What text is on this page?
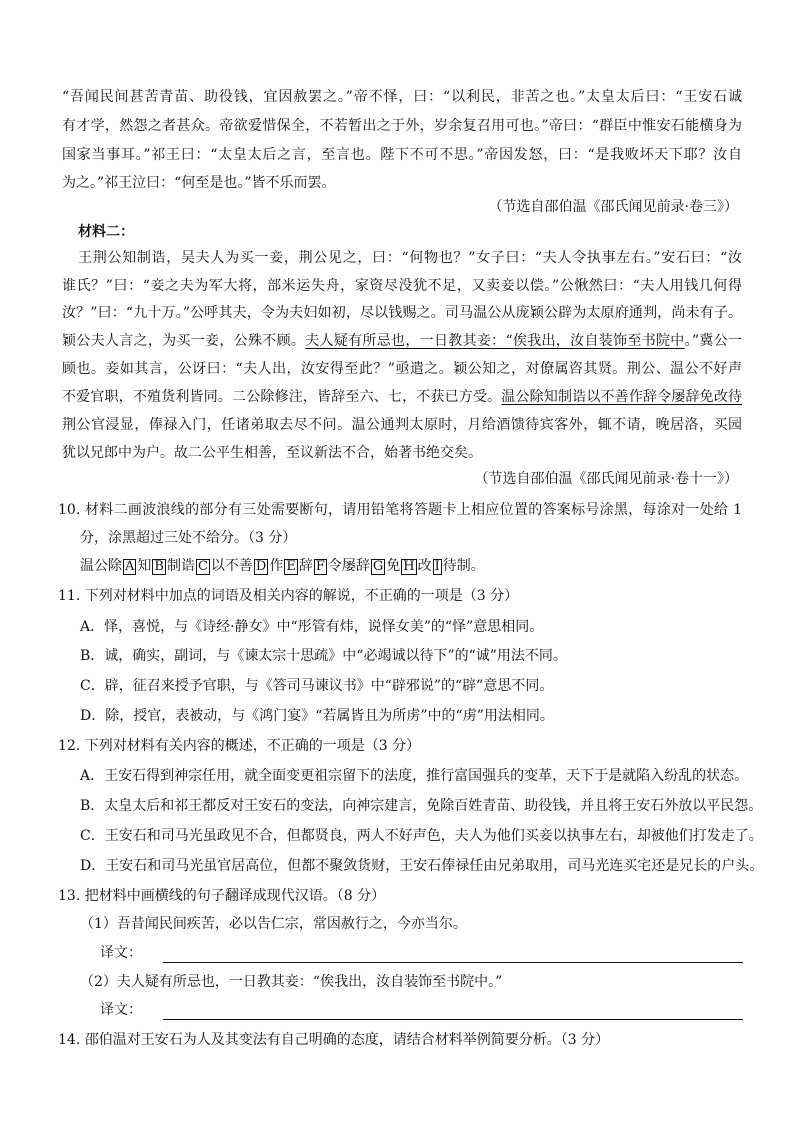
“吾闻民间甚苦青苗、助役钱，宜因赦罢之。”帝不怿，曰：“以利民，非苦之也。”太皇太后曰：“王安石诚
有才学，然怨之者甚众。帝欲爱惜保全，不若暂出之于外，岁余复召用可也。”帝曰：“群臣中惟安石能横身为
国家当事耳。”祁王曰：“太皇太后之言，至言也。陛下不可不思。”帝因发怒，曰：“是我败坏天下耶？汝自
为之。”祁王泣曰：“何至是也。”皆不乐而罢。
（节选自邵伯温《邵氏闻见前录·卷三》）
材料二：
王荆公知制诰，吴夫人为买一妾，荆公见之，曰：“何物也？”女子曰：“夫人令执事左右。”安石曰：“汝
谁氏？”曰：“妾之夫为军大将，部米运失舟，家资尽没犹不足，又卖妾以偿。”公愀然曰：“夫人用钱几何得
汝？”曰：“九十万。”公呼其夫，令为夫妇如初，尽以钱赐之。司马温公从庞颖公辟为太原府通判，尚未有子。
颖公夫人言之，为买一妾，公殊不顾。夫人疑有所忌也，一日教其妾：“俟我出，汝自装饰至书院中。”冀公一
顾也。妾如其言，公讶曰：“夫人出，汝安得至此？”亟遣之。颖公知之，对僚属咨其贤。荆公、温公不好声
不爱官职，不殖货利皆同。二公除修注，皆辞至六、七，不获已方受。温公除知制诰以不善作辞令屡辞免改待
荆公官浸显，俸禄入门，任诸弟取去尽不问。温公通判太原时，月给酒馈待宾客外，辄不请，晚居洛，买园
犹以兄郎中为户。故二公平生相善，至议新法不合，始著书绝交矣。
（节选自邵伯温《邵氏闻见前录·卷十一》）
10. 材料二画波浪线的部分有三处需要断句，请用铅笔将答题卡上相应位置的答案标号涂黑，每涂对一处给 1
分，涂黑超过三处不给分。（3 分）
温公除 A 知 B 制诰 C 以不善 D 作 E 辞 F 令屡辞 G 免 H 改 I 待制。
11. 下列对材料中加点的词语及相关内容的解说，不正确的一项是（3 分）
A．怿，喜悦，与《诗经·静女》中“彤管有炜，说怿女美”的“怿”意思相同。
B．诚，确实，副词，与《谏太宗十思疏》中“必竭诚以待下”的“诚”用法不同。
C．辟，征召来授予官职，与《答司马谏议书》中“辟邪说”的“辟”意思不同。
D．除，授官，表被动，与《鸿门宴》“若属皆且为所虏”中的“虏”用法相同。
12. 下列对材料有关内容的概述，不正确的一项是（3 分）
A．王安石得到神宗任用，就全面变更祖宗留下的法度，推行富国强兵的变革，天下于是就陷入纷乱的状态。
B．太皇太后和祁王都反对王安石的变法，向神宗建言，免除百姓青苗、助役钱，并且将王安石外放以平民怨。
C．王安石和司马光虽政见不合，但都贤良，两人不好声色，夫人为他们买妾以执事左右，却被他们打发走了。
D．王安石和司马光虽官居高位，但都不聚敛货财，王安石俸禄任由兄弟取用，司马光连买宅还是兄长的户头。
13. 把材料中画横线的句子翻译成现代汉语。（8 分）
（1）吾昔闻民间疾苦，必以告仁宗，常因赦行之，今亦当尔。
译文：
（2）夫人疑有所忌也，一日教其妾：“俟我出，汝自装饰至书院中。”
译文：
14. 邵伯温对王安石为人及其变法有自己明确的态度，请结合材料举例简要分析。（3 分）
